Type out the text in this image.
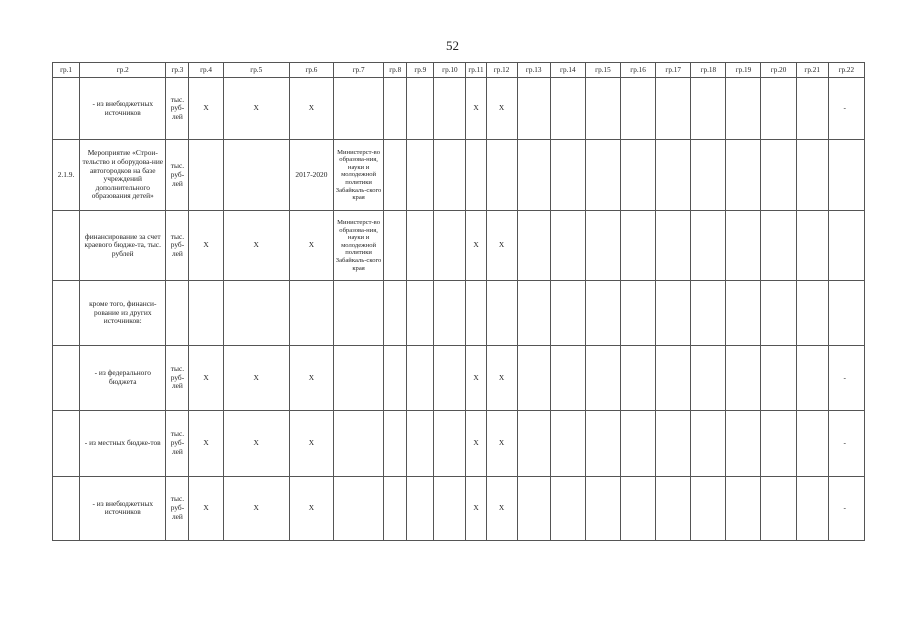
52
гр.1	гр.2	гр.3	гр.4	гр.5	гр.6	гр.7	гр.8	гр.9	гр.10	гр.11	гр.12	гр.13	гр.14	гр.15	гр.16	гр.17	гр.18	гр.19	гр.20	гр.21	гр.22
	- из внебюджетных источников	тыс. руб-лей	X	X	X					X	X										-
2.1.9.	Мероприятие «Строи-тельство и оборудова-ние автогородков на базе учреждений дополнительного образования детей»	тыс. руб-лей			2017-2020	Министерст-во образова-ния, науки и молодежной политики Забайкаль-ского края															
	финансирование за счет краевого бюдже-та, тыс. рублей	тыс. руб-лей	X	X	X	Министерст-во образова-ния, науки и молодежной политики Забайкаль-ского края				X	X										
	кроме того, финанси-рование из других источников:																				
	- из федерального бюджета	тыс. руб-лей	X	X	X					X	X										-
	- из местных бюдже-тов	тыс. руб-лей	X	X	X					X	X										-
	- из внебюджетных источников	тыс. руб-лей	X	X	X					X	X										-
